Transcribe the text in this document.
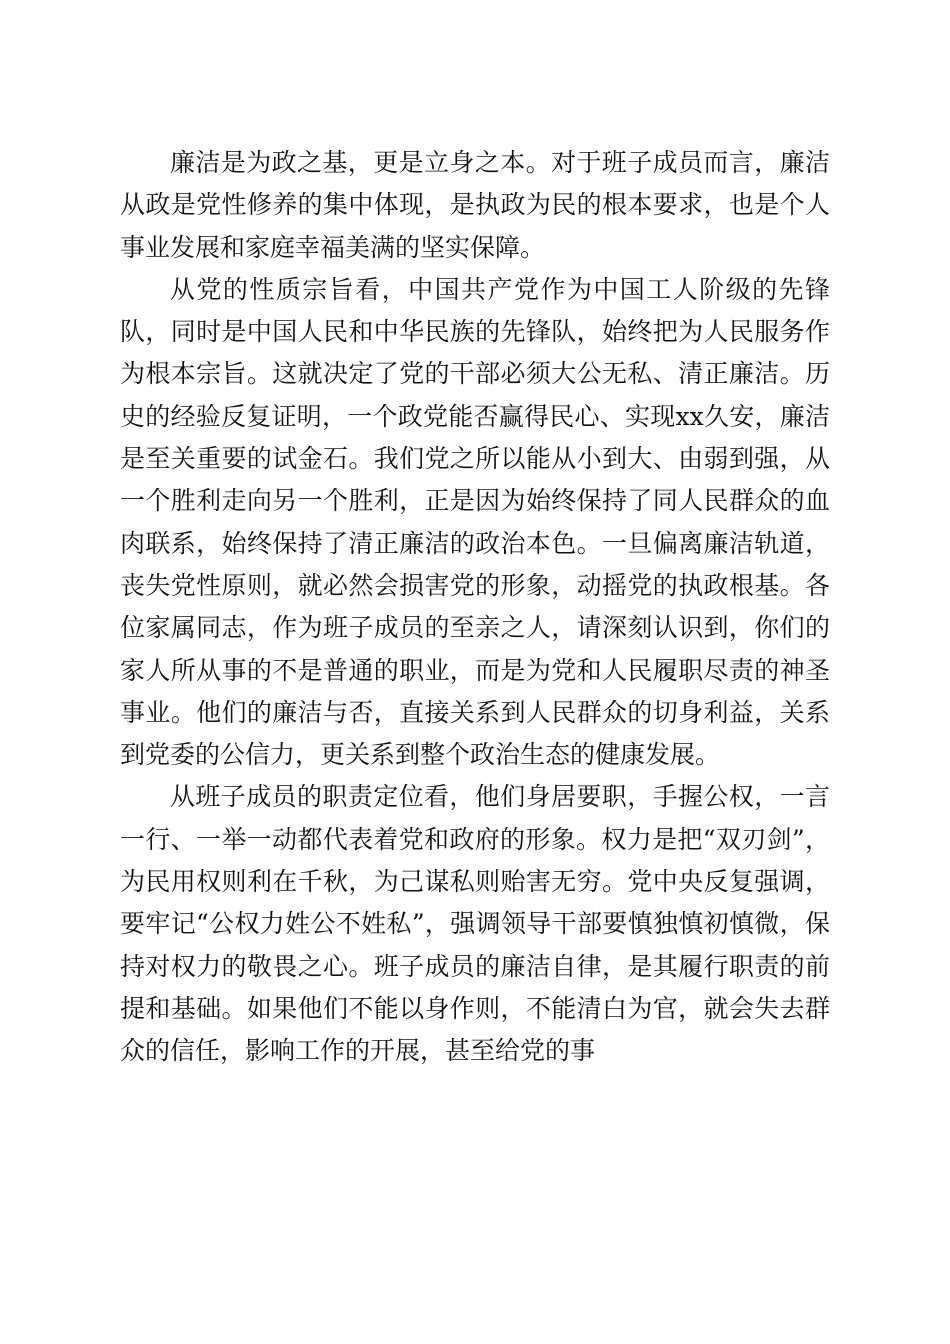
廉洁是为政之基，更是立身之本。对于班子成员而言，廉洁从政是党性修养的集中体现，是执政为民的根本要求，也是个人事业发展和家庭幸福美满的坚实保障。

从党的性质宗旨看，中国共产党作为中国工人阶级的先锋队，同时是中国人民和中华民族的先锋队，始终把为人民服务作为根本宗旨。这就决定了党的干部必须大公无私、清正廉洁。历史的经验反复证明，一个政党能否赢得民心、实现xx久安，廉洁是至关重要的试金石。我们党之所以能从小到大、由弱到强，从一个胜利走向另一个胜利，正是因为始终保持了同人民群众的血肉联系，始终保持了清正廉洁的政治本色。一旦偏离廉洁轨道，丧失党性原则，就必然会损害党的形象，动摇党的执政根基。各位家属同志，作为班子成员的至亲之人，请深刻认识到，你们的家人所从事的不是普通的职业，而是为党和人民履职尽责的神圣事业。他们的廉洁与否，直接关系到人民群众的切身利益，关系到党委的公信力，更关系到整个政治生态的健康发展。

从班子成员的职责定位看，他们身居要职，手握公权，一言一行、一举一动都代表着党和政府的形象。权力是把“双刃剑”，为民用权则利在千秋，为己谋私则贻害无穷。党中央反复强调，要牢记“公权力姓公不姓私”，强调领导干部要慎独慎初慎微，保持对权力的敬畏之心。班子成员的廉洁自律，是其履行职责的前提和基础。如果他们不能以身作则，不能清白为官，就会失去群众的信任，影响工作的开展，甚至给党的事
